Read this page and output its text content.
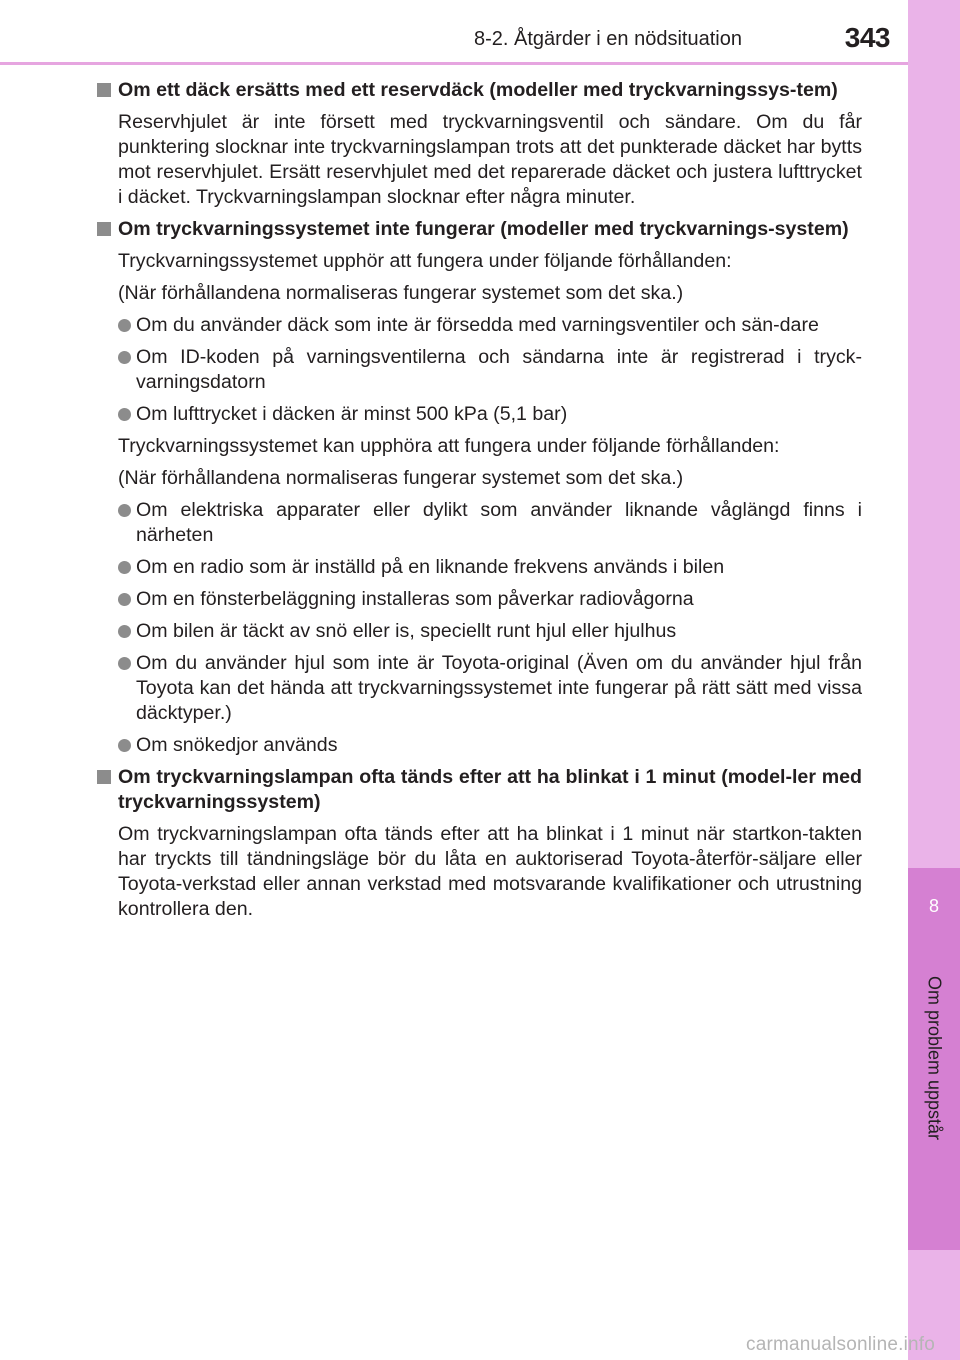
8-2. Åtgärder i en nödsituation	343
8
Om problem uppstår
Om ett däck ersätts med ett reservdäck (modeller med tryckvarningssys-tem)
Reservhjulet är inte försett med tryckvarningsventil och sändare. Om du får punktering slocknar inte tryckvarningslampan trots att det punkterade däcket har bytts mot reservhjulet. Ersätt reservhjulet med det reparerade däcket och justera lufttrycket i däcket. Tryckvarningslampan slocknar efter några minuter.
Om tryckvarningssystemet inte fungerar (modeller med tryckvarnings-system)
Tryckvarningssystemet upphör att fungera under följande förhållanden:
(När förhållandena normaliseras fungerar systemet som det ska.)
Om du använder däck som inte är försedda med varningsventiler och sän-dare
Om ID-koden på varningsventilerna och sändarna inte är registrerad i tryck-varningsdatorn
Om lufttrycket i däcken är minst 500 kPa (5,1 bar)
Tryckvarningssystemet kan upphöra att fungera under följande förhållanden:
(När förhållandena normaliseras fungerar systemet som det ska.)
Om elektriska apparater eller dylikt som använder liknande våglängd finns i närheten
Om en radio som är inställd på en liknande frekvens används i bilen
Om en fönsterbeläggning installeras som påverkar radiovågorna
Om bilen är täckt av snö eller is, speciellt runt hjul eller hjulhus
Om du använder hjul som inte är Toyota-original (Även om du använder hjul från Toyota kan det hända att tryckvarningssystemet inte fungerar på rätt sätt med vissa däcktyper.)
Om snökedjor används
Om tryckvarningslampan ofta tänds efter att ha blinkat i 1 minut (model-ler med tryckvarningssystem)
Om tryckvarningslampan ofta tänds efter att ha blinkat i 1 minut när startkon-takten har tryckts till tändningsläge bör du låta en auktoriserad Toyota-återför-säljare eller Toyota-verkstad eller annan verkstad med motsvarande kvalifikationer och utrustning kontrollera den.
carmanualsonline.info
